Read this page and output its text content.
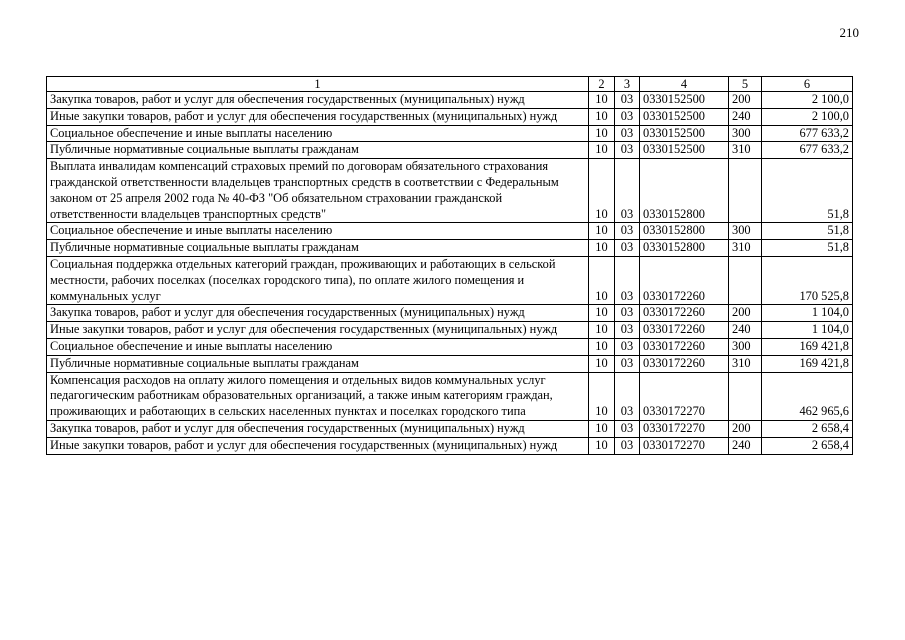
210
1	2	3	4	5	6
Закупка товаров, работ и услуг для обеспечения государственных (муниципальных) нужд	10	03	0330152500	200	2 100,0
Иные закупки товаров, работ и услуг для обеспечения государственных (муниципальных) нужд	10	03	0330152500	240	2 100,0
Социальное обеспечение и иные выплаты населению	10	03	0330152500	300	677 633,2
Публичные нормативные социальные выплаты гражданам	10	03	0330152500	310	677 633,2
Выплата инвалидам компенсаций страховых премий по договорам обязательного страхования гражданской ответственности владельцев транспортных средств в соответствии с Федеральным законом от 25 апреля 2002 года № 40-ФЗ "Об обязательном страховании гражданской ответственности владельцев транспортных средств"	10	03	0330152800		51,8
Социальное обеспечение и иные выплаты населению	10	03	0330152800	300	51,8
Публичные нормативные социальные выплаты гражданам	10	03	0330152800	310	51,8
Социальная поддержка отдельных категорий граждан, проживающих и работающих в сельской местности, рабочих поселках (поселках городского типа), по оплате жилого помещения и коммунальных услуг	10	03	0330172260		170 525,8
Закупка товаров, работ и услуг для обеспечения государственных (муниципальных) нужд	10	03	0330172260	200	1 104,0
Иные закупки товаров, работ и услуг для обеспечения государственных (муниципальных) нужд	10	03	0330172260	240	1 104,0
Социальное обеспечение и иные выплаты населению	10	03	0330172260	300	169 421,8
Публичные нормативные социальные выплаты гражданам	10	03	0330172260	310	169 421,8
Компенсация расходов на оплату жилого помещения и отдельных видов коммунальных услуг педагогическим работникам образовательных организаций, а также иным категориям граждан, проживающих и работающих в сельских населенных пунктах и поселках городского типа	10	03	0330172270		462 965,6
Закупка товаров, работ и услуг для обеспечения государственных (муниципальных) нужд	10	03	0330172270	200	2 658,4
Иные закупки товаров, работ и услуг для обеспечения государственных (муниципальных) нужд	10	03	0330172270	240	2 658,4
